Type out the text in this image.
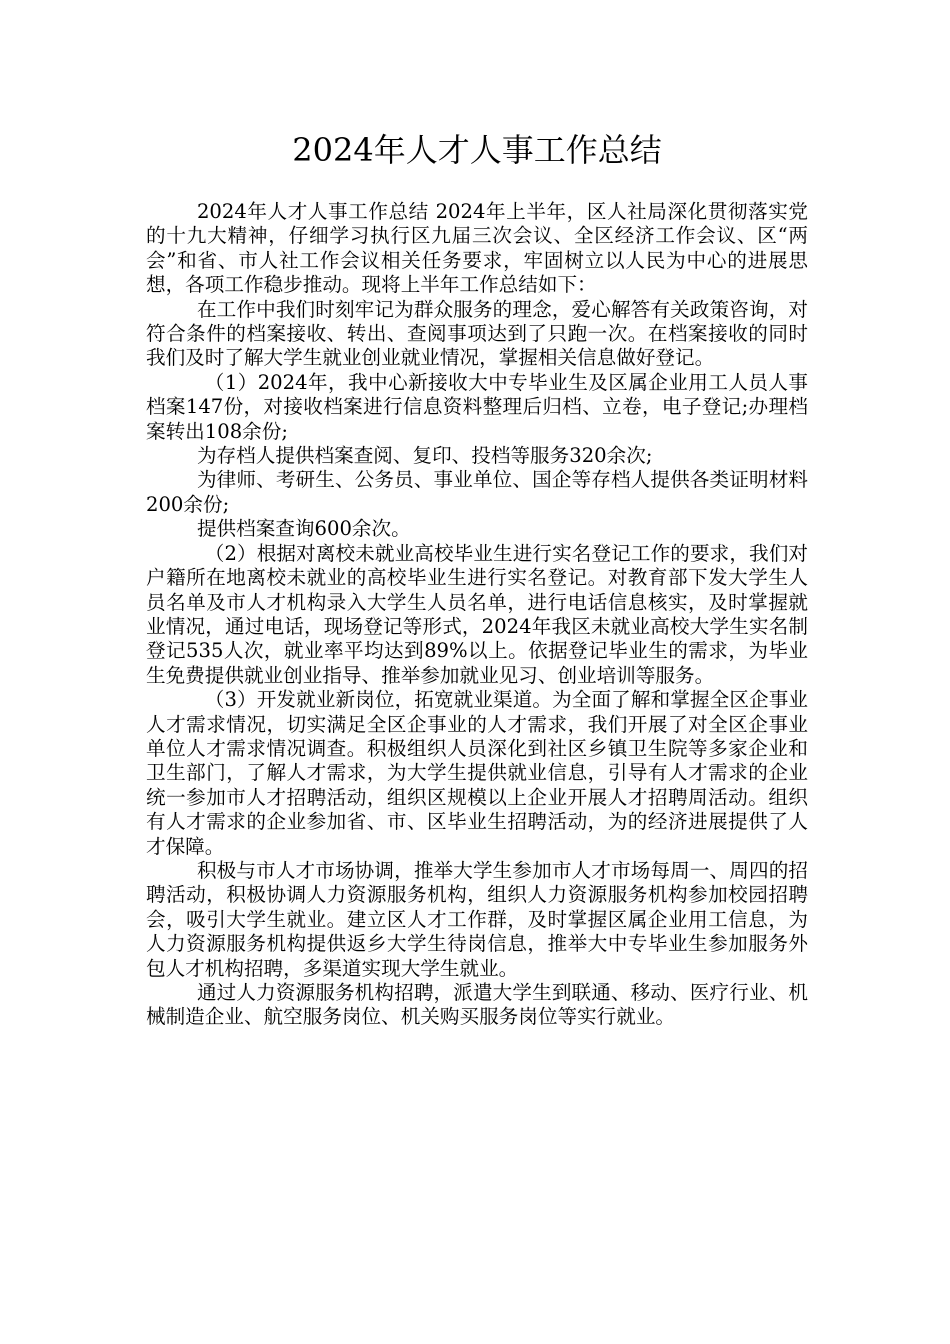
2024年人才人事工作总结

2024年人才人事工作总结 2024年上半年，区人社局深化贯彻落实党的十九大精神，仔细学习执行区九届三次会议、全区经济工作会议、区“两会”和省、市人社工作会议相关任务要求，牢固树立以人民为中心的进展思想，各项工作稳步推动。现将上半年工作总结如下：

在工作中我们时刻牢记为群众服务的理念，爱心解答有关政策咨询，对符合条件的档案接收、转出、查阅事项达到了只跑一次。在档案接收的同时我们及时了解大学生就业创业就业情况，掌握相关信息做好登记。

（1）2024年，我中心新接收大中专毕业生及区属企业用工人员人事档案147份，对接收档案进行信息资料整理后归档、立卷，电子登记;办理档案转出108余份;

为存档人提供档案查阅、复印、投档等服务320余次;

为律师、考研生、公务员、事业单位、国企等存档人提供各类证明材料200余份;

提供档案查询600余次。

（2）根据对离校未就业高校毕业生进行实名登记工作的要求，我们对户籍所在地离校未就业的高校毕业生进行实名登记。对教育部下发大学生人员名单及市人才机构录入大学生人员名单，进行电话信息核实，及时掌握就业情况，通过电话，现场登记等形式，2024年我区未就业高校大学生实名制登记535人次，就业率平均达到89%以上。依据登记毕业生的需求，为毕业生免费提供就业创业指导、推举参加就业见习、创业培训等服务。

（3）开发就业新岗位，拓宽就业渠道。为全面了解和掌握全区企事业人才需求情况，切实满足全区企事业的人才需求，我们开展了对全区企事业单位人才需求情况调查。积极组织人员深化到社区乡镇卫生院等多家企业和卫生部门，了解人才需求，为大学生提供就业信息，引导有人才需求的企业统一参加市人才招聘活动，组织区规模以上企业开展人才招聘周活动。组织有人才需求的企业参加省、市、区毕业生招聘活动，为的经济进展提供了人才保障。

积极与市人才市场协调，推举大学生参加市人才市场每周一、周四的招聘活动，积极协调人力资源服务机构，组织人力资源服务机构参加校园招聘会，吸引大学生就业。建立区人才工作群，及时掌握区属企业用工信息，为人力资源服务机构提供返乡大学生待岗信息，推举大中专毕业生参加服务外包人才机构招聘，多渠道实现大学生就业。

通过人力资源服务机构招聘，派遣大学生到联通、移动、医疗行业、机械制造企业、航空服务岗位、机关购买服务岗位等实行就业。
